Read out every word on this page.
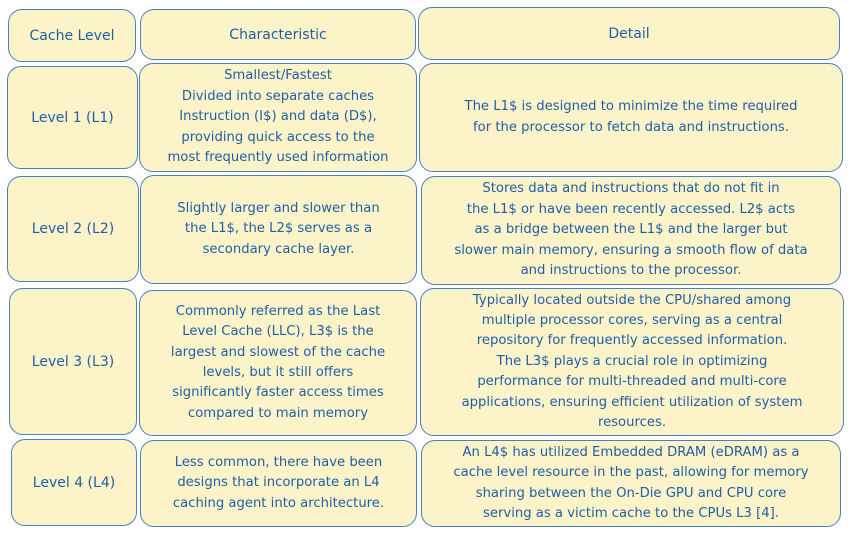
Cache Level	Characteristic	Detail
Level 1 (L1)
Smallest/Fastest
Divided into separate caches
Instruction (I$) and data (D$),
providing quick access to the
most frequently used information
The L1$ is designed to minimize the time required
for the processor to fetch data and instructions.
Level 2 (L2)
Slightly larger and slower than
the L1$, the L2$ serves as a
secondary cache layer.
Stores data and instructions that do not fit in
the L1$ or have been recently accessed. L2$ acts
as a bridge between the L1$ and the larger but
slower main memory, ensuring a smooth flow of data
and instructions to the processor.
Level 3 (L3)
Commonly referred as the Last
Level Cache (LLC), L3$ is the
largest and slowest of the cache
levels, but it still offers
significantly faster access times
compared to main memory
Typically located outside the CPU/shared among
multiple processor cores, serving as a central
repository for frequently accessed information.
The L3$ plays a crucial role in optimizing
performance for multi-threaded and multi-core
applications, ensuring efficient utilization of system
resources.
Level 4 (L4)
Less common, there have been
designs that incorporate an L4
caching agent into architecture.
An L4$ has utilized Embedded DRAM (eDRAM) as a
cache level resource in the past, allowing for memory
sharing between the On-Die GPU and CPU core
serving as a victim cache to the CPUs L3 [4].
